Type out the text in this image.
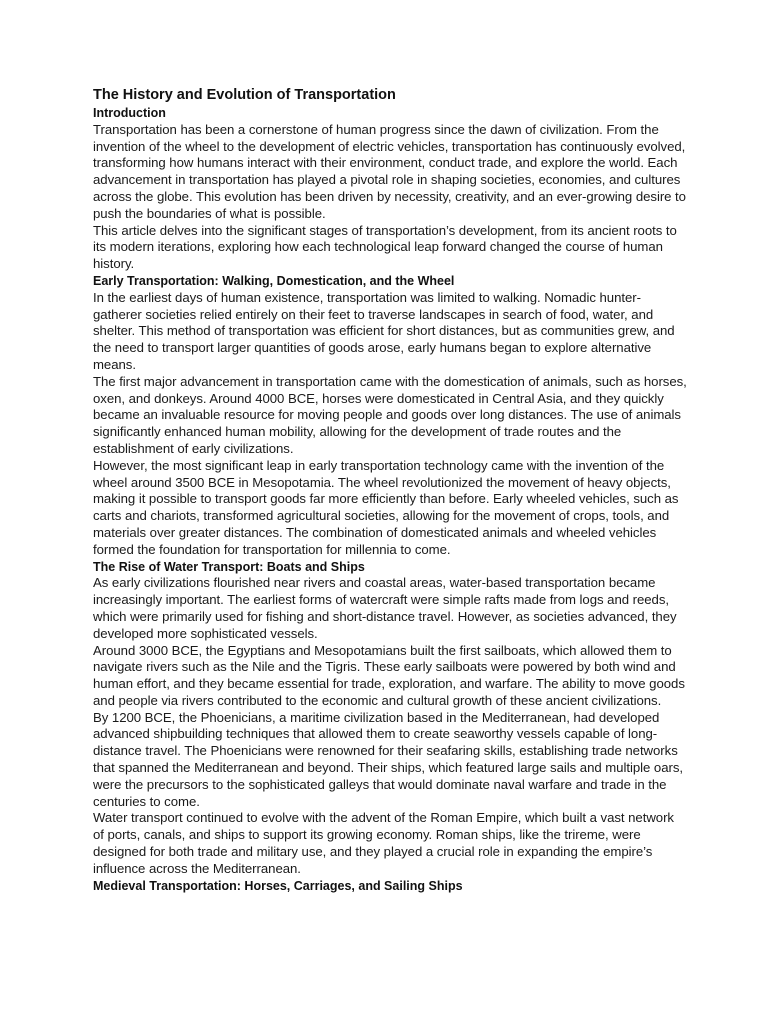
The History and Evolution of Transportation
Introduction

Transportation has been a cornerstone of human progress since the dawn of civilization. From the invention of the wheel to the development of electric vehicles, transportation has continuously evolved, transforming how humans interact with their environment, conduct trade, and explore the world. Each advancement in transportation has played a pivotal role in shaping societies, economies, and cultures across the globe. This evolution has been driven by necessity, creativity, and an ever-growing desire to push the boundaries of what is possible.

This article delves into the significant stages of transportation’s development, from its ancient roots to its modern iterations, exploring how each technological leap forward changed the course of human history.

Early Transportation: Walking, Domestication, and the Wheel

In the earliest days of human existence, transportation was limited to walking. Nomadic hunter-gatherer societies relied entirely on their feet to traverse landscapes in search of food, water, and shelter. This method of transportation was efficient for short distances, but as communities grew, and the need to transport larger quantities of goods arose, early humans began to explore alternative means.

The first major advancement in transportation came with the domestication of animals, such as horses, oxen, and donkeys. Around 4000 BCE, horses were domesticated in Central Asia, and they quickly became an invaluable resource for moving people and goods over long distances. The use of animals significantly enhanced human mobility, allowing for the development of trade routes and the establishment of early civilizations.

However, the most significant leap in early transportation technology came with the invention of the wheel around 3500 BCE in Mesopotamia. The wheel revolutionized the movement of heavy objects, making it possible to transport goods far more efficiently than before. Early wheeled vehicles, such as carts and chariots, transformed agricultural societies, allowing for the movement of crops, tools, and materials over greater distances. The combination of domesticated animals and wheeled vehicles formed the foundation for transportation for millennia to come.

The Rise of Water Transport: Boats and Ships

As early civilizations flourished near rivers and coastal areas, water-based transportation became increasingly important. The earliest forms of watercraft were simple rafts made from logs and reeds, which were primarily used for fishing and short-distance travel. However, as societies advanced, they developed more sophisticated vessels.

Around 3000 BCE, the Egyptians and Mesopotamians built the first sailboats, which allowed them to navigate rivers such as the Nile and the Tigris. These early sailboats were powered by both wind and human effort, and they became essential for trade, exploration, and warfare. The ability to move goods and people via rivers contributed to the economic and cultural growth of these ancient civilizations.

By 1200 BCE, the Phoenicians, a maritime civilization based in the Mediterranean, had developed advanced shipbuilding techniques that allowed them to create seaworthy vessels capable of long-distance travel. The Phoenicians were renowned for their seafaring skills, establishing trade networks that spanned the Mediterranean and beyond. Their ships, which featured large sails and multiple oars, were the precursors to the sophisticated galleys that would dominate naval warfare and trade in the centuries to come.

Water transport continued to evolve with the advent of the Roman Empire, which built a vast network of ports, canals, and ships to support its growing economy. Roman ships, like the trireme, were designed for both trade and military use, and they played a crucial role in expanding the empire’s influence across the Mediterranean.

Medieval Transportation: Horses, Carriages, and Sailing Ships
